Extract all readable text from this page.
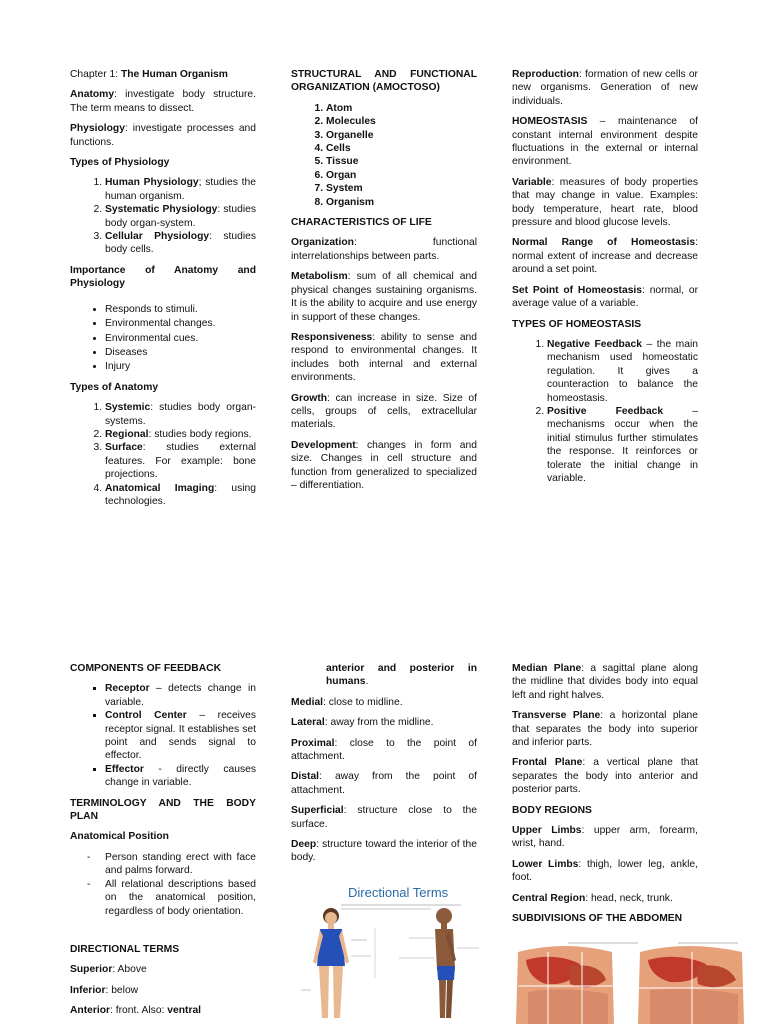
Chapter 1: The Human Organism

Anatomy: investigate body structure. The term means to dissect.

Physiology: investigate processes and functions.

Types of Physiology

1. Human Physiology; studies the human organism.
2. Systematic Physiology: studies body organ-system.
3. Cellular Physiology: studies body cells.

Importance of Anatomy and Physiology

• Responds to stimuli.
• Environmental changes.
• Environmental cues.
• Diseases
• Injury

Types of Anatomy

1. Systemic: studies body organ-systems.
2. Regional: studies body regions.
3. Surface: studies external features. For example: bone projections.
4. Anatomical Imaging: using technologies.

STRUCTURAL AND FUNCTIONAL ORGANIZATION (AMOCTOSO)

1. Atom
2. Molecules
3. Organelle
4. Cells
5. Tissue
6. Organ
7. System
8. Organism

CHARACTERISTICS OF LIFE

Organization: functional interrelationships between parts.

Metabolism: sum of all chemical and physical changes sustaining organisms. It is the ability to acquire and use energy in support of these changes.

Responsiveness: ability to sense and respond to environmental changes. It includes both internal and external environments.

Growth: can increase in size. Size of cells, groups of cells, extracellular materials.

Development: changes in form and size. Changes in cell structure and function from generalized to specialized – differentiation.

Reproduction: formation of new cells or new organisms. Generation of new individuals.

HOMEOSTASIS – maintenance of constant internal environment despite fluctuations in the external or internal environment.

Variable: measures of body properties that may change in value. Examples: body temperature, heart rate, blood pressure and blood glucose levels.

Normal Range of Homeostasis: normal extent of increase and decrease around a set point.

Set Point of Homeostasis: normal, or average value of a variable.

TYPES OF HOMEOSTASIS

1. Negative Feedback – the main mechanism used homeostatic regulation. It gives a counteraction to balance the homeostasis.
2. Positive Feedback – mechanisms occur when the initial stimulus further stimulates the response. It reinforces or tolerate the initial change in variable.

COMPONENTS OF FEEDBACK

▪ Receptor – detects change in variable.
▪ Control Center – receives receptor signal. It establishes set point and sends signal to effector.
▪ Effector - directly causes change in variable.

TERMINOLOGY AND THE BODY PLAN

Anatomical Position

- Person standing erect with face and palms forward.
- All relational descriptions based on the anatomical position, regardless of body orientation.

DIRECTIONAL TERMS

Superior: Above

Inferior: below

Anterior: front. Also: ventral

anterior and posterior in humans.

Medial: close to midline.

Lateral: away from the midline.

Proximal: close to the point of attachment.

Distal: away from the point of attachment.

Superficial: structure close to the surface.

Deep: structure toward the interior of the body.

Directional Terms

Median Plane: a sagittal plane along the midline that divides body into equal left and right halves.

Transverse Plane: a horizontal plane that separates the body into superior and inferior parts.

Frontal Plane: a vertical plane that separates the body into anterior and posterior parts.

BODY REGIONS

Upper Limbs: upper arm, forearm, wrist, hand.

Lower Limbs: thigh, lower leg, ankle, foot.

Central Region: head, neck, trunk.

SUBDIVISIONS OF THE ABDOMEN
